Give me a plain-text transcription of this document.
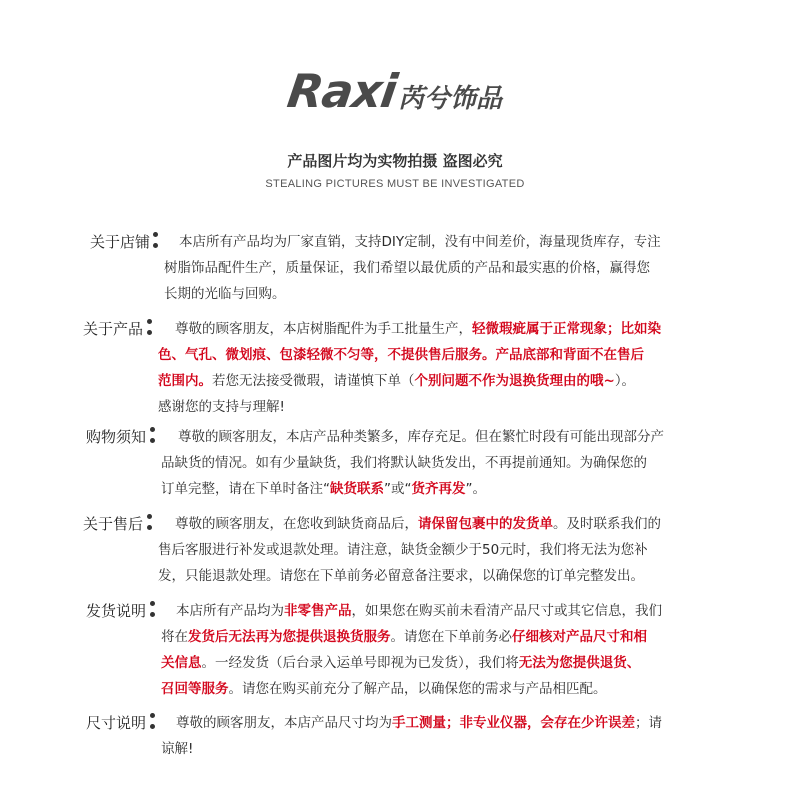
Raxi芮兮饰品
产品图片均为实物拍摄 盗图必究
STEALING PICTURES MUST BE INVESTIGATED
关于店铺	本店所有产品均为厂家直销，支持DIY定制，没有中间差价，海量现货库存，专注
树脂饰品配件生产，质量保证，我们希望以最优质的产品和最实惠的价格，赢得您
长期的光临与回购。
关于产品	尊敬的顾客朋友，本店树脂配件为手工批量生产，轻微瑕疵属于正常现象；比如染
色、气孔、微划痕、包漆轻微不匀等，不提供售后服务。产品底部和背面不在售后
范围内。若您无法接受微瑕，请谨慎下单（个别问题不作为退换货理由的哦~）。
感谢您的支持与理解!
购物须知	尊敬的顾客朋友，本店产品种类繁多，库存充足。但在繁忙时段有可能出现部分产
品缺货的情况。如有少量缺货，我们将默认缺货发出，不再提前通知。为确保您的
订单完整，请在下单时备注“缺货联系”或“货齐再发”。
关于售后	尊敬的顾客朋友，在您收到缺货商品后，请保留包裹中的发货单。及时联系我们的
售后客服进行补发或退款处理。请注意，缺货金额少于50元时，我们将无法为您补
发，只能退款处理。请您在下单前务必留意备注要求，以确保您的订单完整发出。
发货说明	本店所有产品均为非零售产品，如果您在购买前未看清产品尺寸或其它信息，我们
将在发货后无法再为您提供退换货服务。请您在下单前务必仔细核对产品尺寸和相
关信息。一经发货（后台录入运单号即视为已发货），我们将无法为您提供退货、
召回等服务。请您在购买前充分了解产品，以确保您的需求与产品相匹配。
尺寸说明	尊敬的顾客朋友，本店产品尺寸均为手工测量；非专业仪器，会存在少许误差；请
谅解!
